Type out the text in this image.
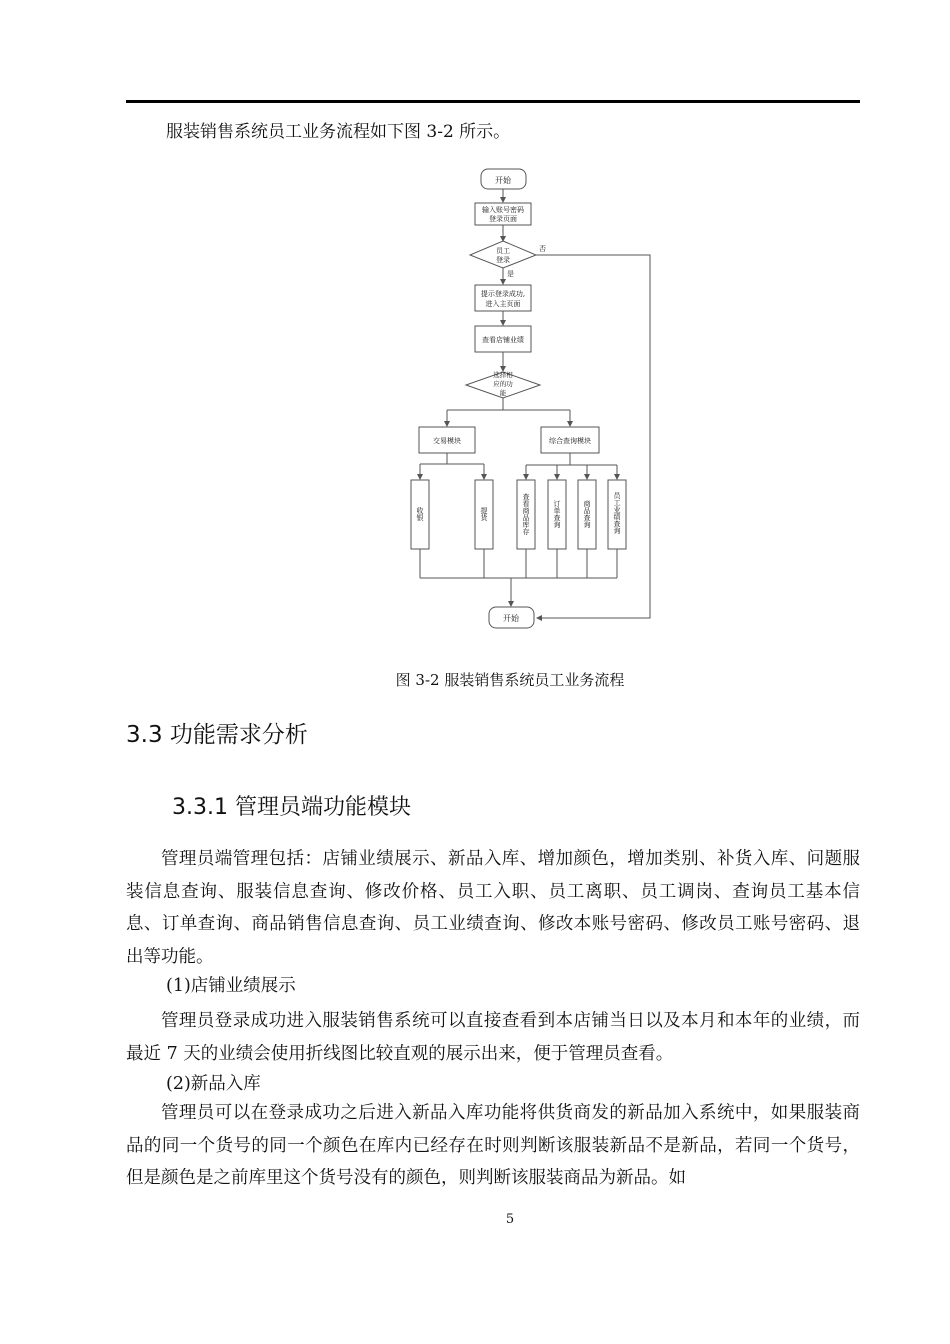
服装销售系统员工业务流程如下图 3-2 所示。
开始
输入账号密码
登录页面
员工
登录
否
是
提示登录成功,
进入主页面
查看店铺业绩
选择相
应的功
能
交易模块	综合查询模块
收银	提货	查看商品库存	订单查询	商品查询	员工业绩查询
开始
图 3-2 服装销售系统员工业务流程
3.3 功能需求分析
3.3.1 管理员端功能模块

管理员端管理包括：店铺业绩展示、新品入库、增加颜色，增加类别、补货入库、问题服装信息查询、服装信息查询、修改价格、员工入职、员工离职、员工调岗、查询员工基本信息、订单查询、商品销售信息查询、员工业绩查询、修改本账号密码、修改员工账号密码、退出等功能。

(1)店铺业绩展示

管理员登录成功进入服装销售系统可以直接查看到本店铺当日以及本月和本年的业绩，而最近 7 天的业绩会使用折线图比较直观的展示出来，便于管理员查看。

(2)新品入库

管理员可以在登录成功之后进入新品入库功能将供货商发的新品加入系统中，如果服装商品的同一个货号的同一个颜色在库内已经存在时则判断该服装新品不是新品，若同一个货号，但是颜色是之前库里这个货号没有的颜色，则判断该服装商品为新品。如

5
